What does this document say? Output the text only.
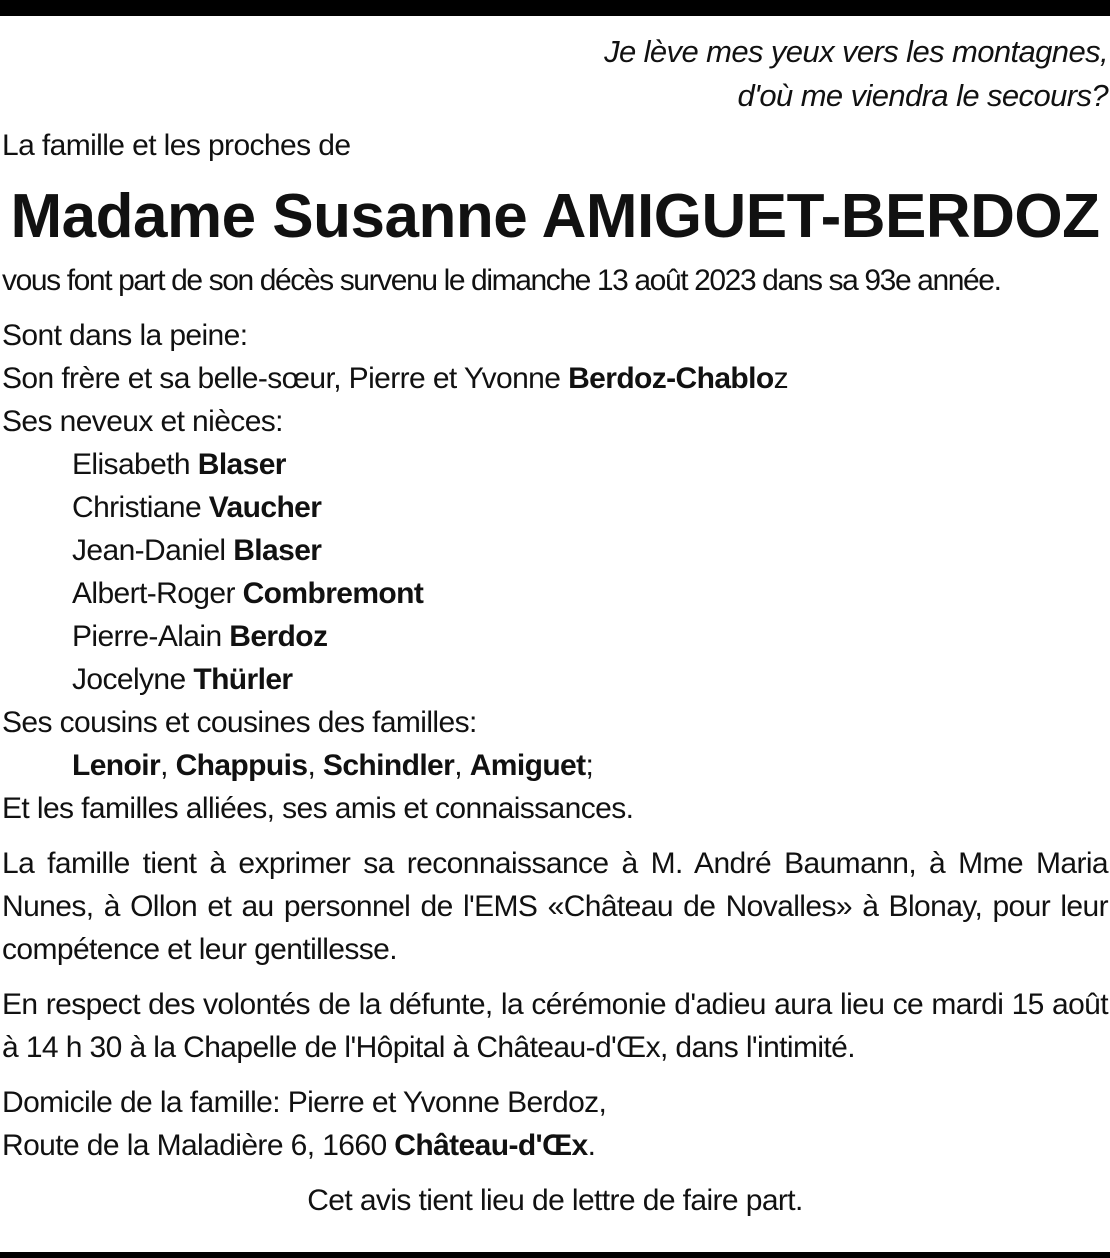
Je lève mes yeux vers les montagnes,
d'où me viendra le secours?
La famille et les proches de
Madame Susanne AMIGUET-BERDOZ
vous font part de son décès survenu le dimanche 13 août 2023 dans sa 93e année.
Sont dans la peine:
Son frère et sa belle-sœur, Pierre et Yvonne Berdoz-Chabloz
Ses neveux et nièces:
Elisabeth Blaser
Christiane Vaucher
Jean-Daniel Blaser
Albert-Roger Combremont
Pierre-Alain Berdoz
Jocelyne Thürler
Ses cousins et cousines des familles:
Lenoir, Chappuis, Schindler, Amiguet;
Et les familles alliées, ses amis et connaissances.
La famille tient à exprimer sa reconnaissance à M. André Baumann, à Mme Maria Nunes, à Ollon et au personnel de l'EMS «Château de Novalles» à Blonay, pour leur compétence et leur gentillesse.
En respect des volontés de la défunte, la cérémonie d'adieu aura lieu ce mardi 15 août à 14 h 30 à la Chapelle de l'Hôpital à Château-d'Œx, dans l'intimité.
Domicile de la famille: Pierre et Yvonne Berdoz,
Route de la Maladière 6, 1660 Château-d'Œx.
Cet avis tient lieu de lettre de faire part.
